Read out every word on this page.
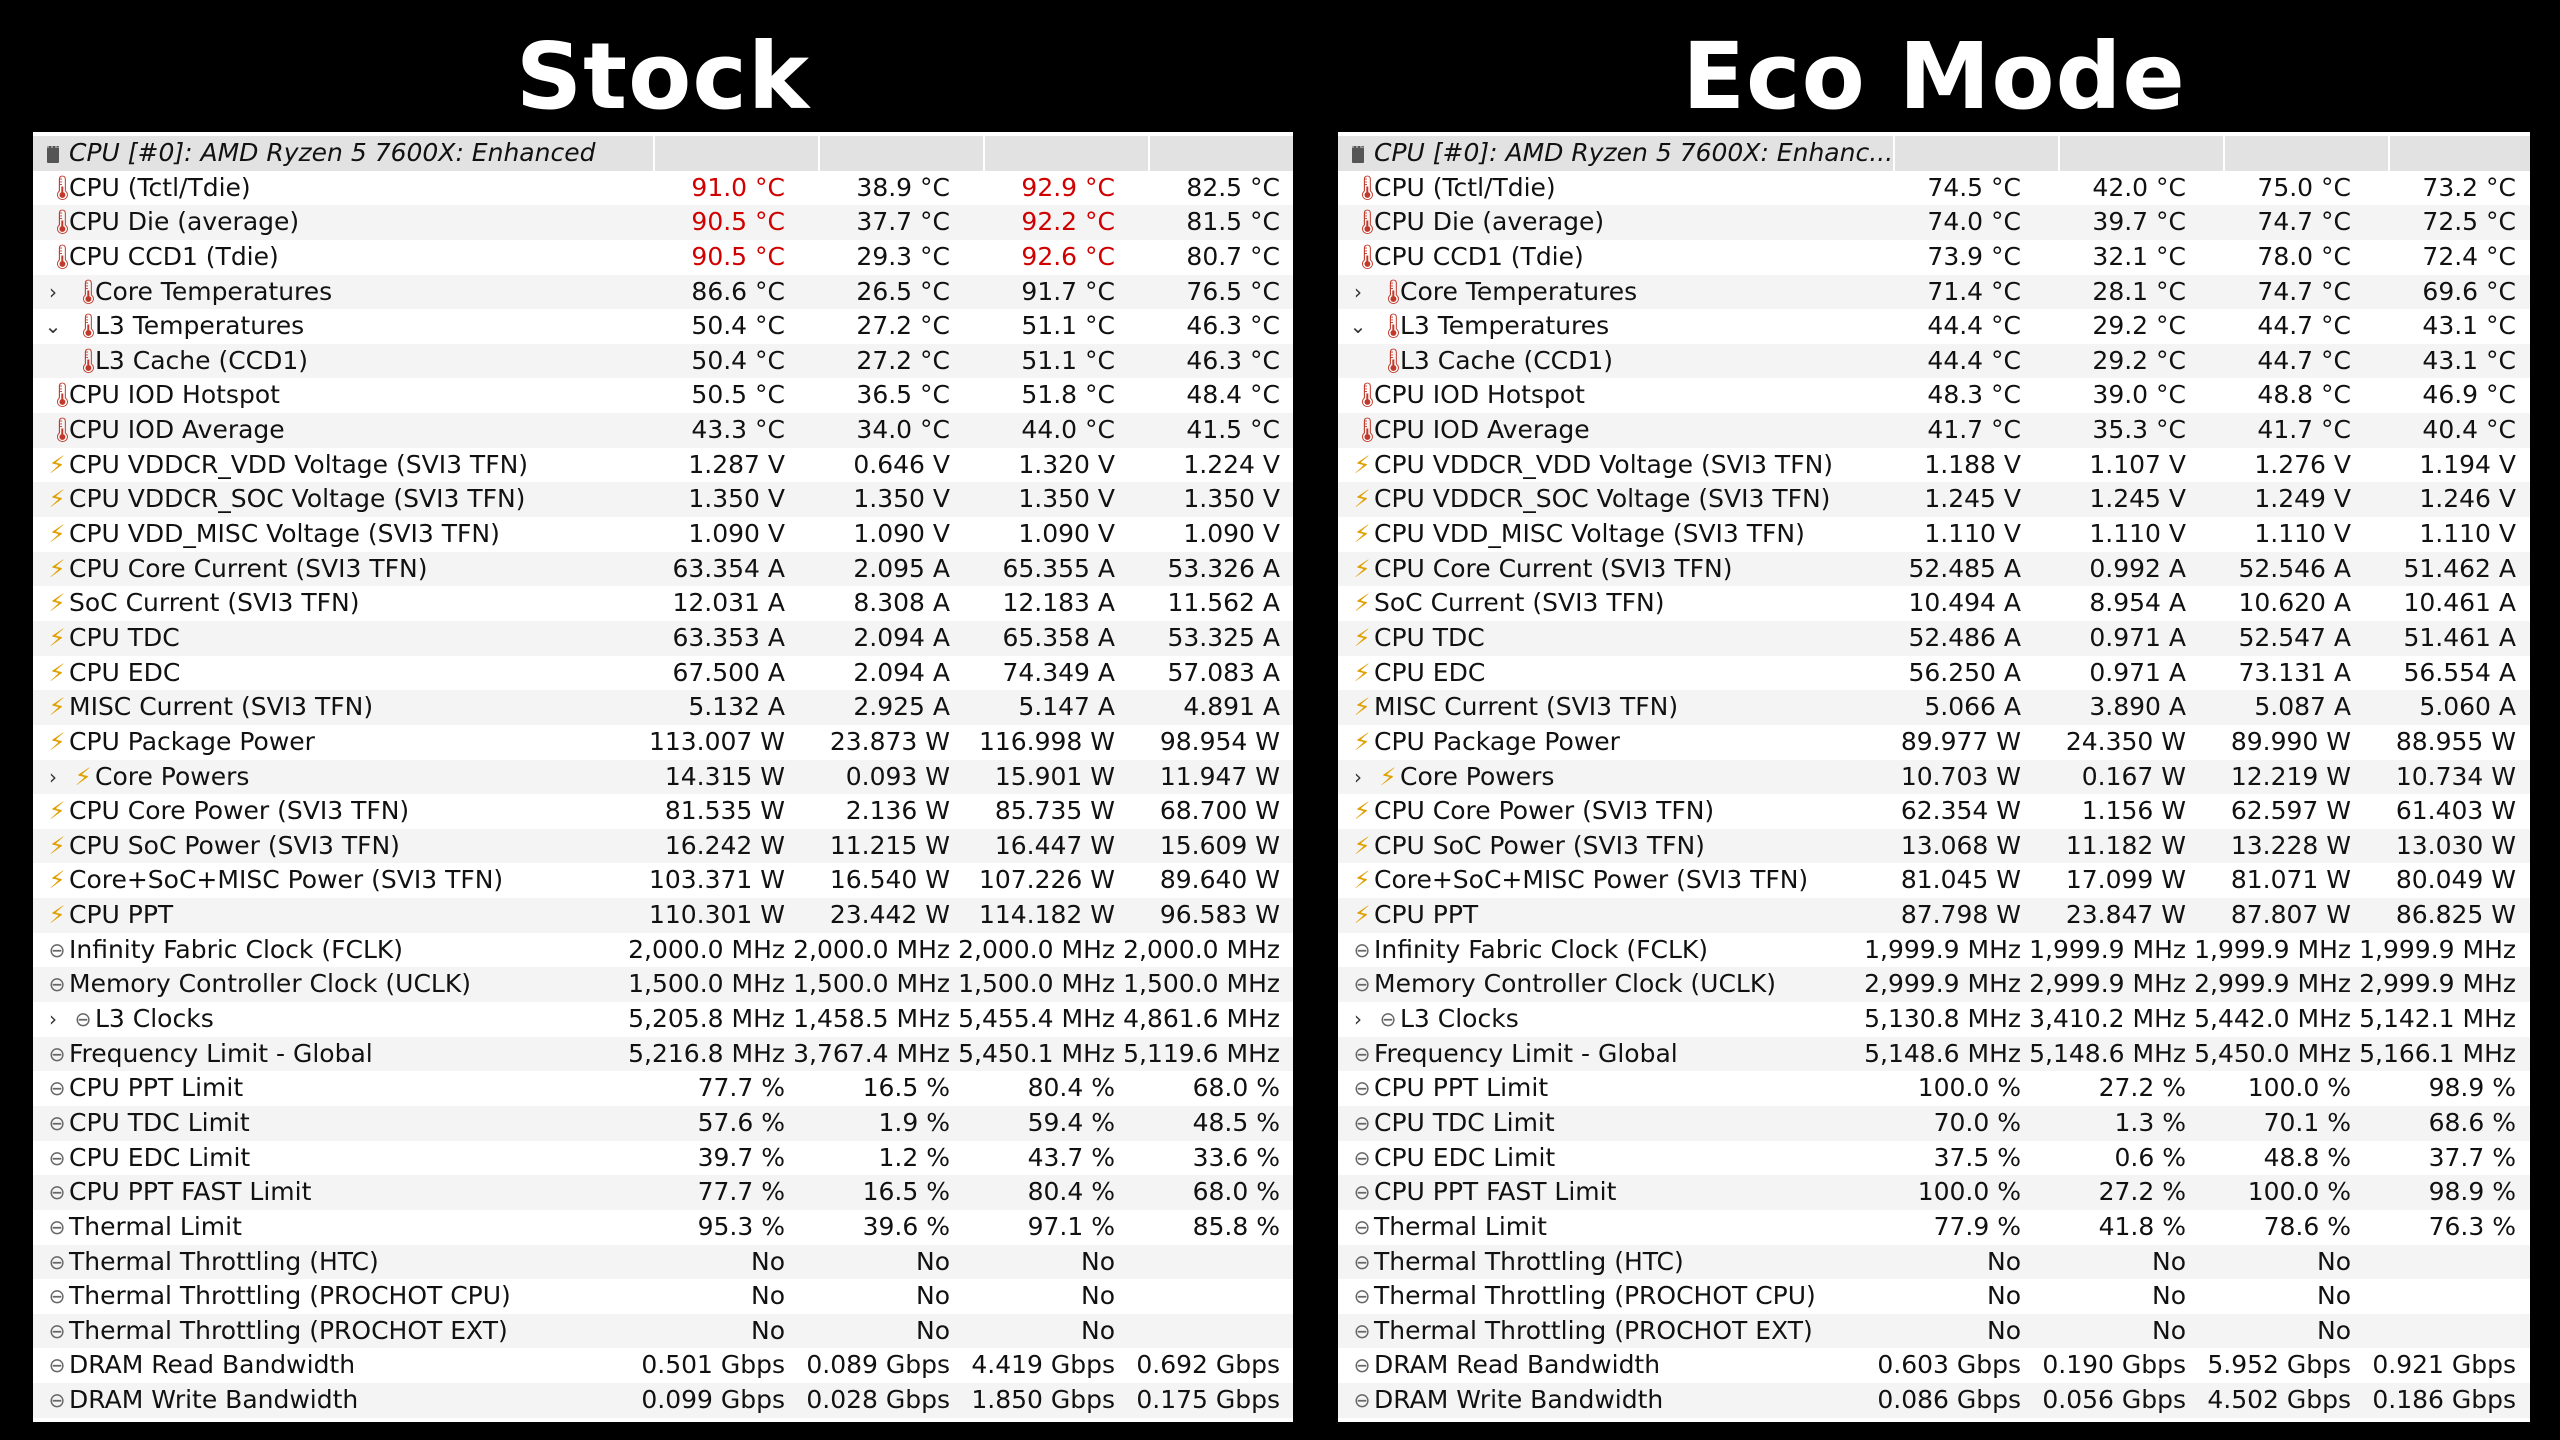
Stock	Eco Mode
CPU [#0]: AMD Ryzen 5 7600X: Enhanced
🌡
CPU (Tctl/Tdie)	91.0 °C	38.9 °C	92.9 °C	82.5 °C
🌡
CPU Die (average)	90.5 °C	37.7 °C	92.2 °C	81.5 °C
🌡
CPU CCD1 (Tdie)	90.5 °C	29.3 °C	92.6 °C	80.7 °C
› 🌡
Core Temperatures	86.6 °C	26.5 °C	91.7 °C	76.5 °C
⌄ 🌡
L3 Temperatures	50.4 °C	27.2 °C	51.1 °C	46.3 °C
🌡
L3 Cache (CCD1)	50.4 °C	27.2 °C	51.1 °C	46.3 °C
🌡
CPU IOD Hotspot	50.5 °C	36.5 °C	51.8 °C	48.4 °C
🌡
CPU IOD Average	43.3 °C	34.0 °C	44.0 °C	41.5 °C
⚡ CPU VDDCR_VDD Voltage (SVI3 TFN)	1.287 V	0.646 V	1.320 V	1.224 V
⚡ CPU VDDCR_SOC Voltage (SVI3 TFN)	1.350 V	1.350 V	1.350 V	1.350 V
⚡ CPU VDD_MISC Voltage (SVI3 TFN)	1.090 V	1.090 V	1.090 V	1.090 V
⚡ CPU Core Current (SVI3 TFN)	63.354 A	2.095 A	65.355 A	53.326 A
⚡ SoC Current (SVI3 TFN)	12.031 A	8.308 A	12.183 A	11.562 A
⚡ CPU TDC	63.353 A	2.094 A	65.358 A	53.325 A
⚡ CPU EDC	67.500 A	2.094 A	74.349 A	57.083 A
⚡ MISC Current (SVI3 TFN)	5.132 A	2.925 A	5.147 A	4.891 A
⚡ CPU Package Power	113.007 W	23.873 W	116.998 W	98.954 W
› ⚡ Core Powers	14.315 W	0.093 W	15.901 W	11.947 W
⚡ CPU Core Power (SVI3 TFN)	81.535 W	2.136 W	85.735 W	68.700 W
⚡ CPU SoC Power (SVI3 TFN)	16.242 W	11.215 W	16.447 W	15.609 W
⚡ Core+SoC+MISC Power (SVI3 TFN)	103.371 W	16.540 W	107.226 W	89.640 W
⚡ CPU PPT	110.301 W	23.442 W	114.182 W	96.583 W
⊖ Infinity Fabric Clock (FCLK)	2,000.0 MHz 2,000.0 MHz 2,000.0 MHz 2,000.0 MHz
⊖ Memory Controller Clock (UCLK)	1,500.0 MHz 1,500.0 MHz 1,500.0 MHz 1,500.0 MHz
› ⊖ L3 Clocks	5,205.8 MHz 1,458.5 MHz 5,455.4 MHz 4,861.6 MHz
⊖ Frequency Limit - Global	5,216.8 MHz 3,767.4 MHz 5,450.1 MHz 5,119.6 MHz
⊖ CPU PPT Limit	77.7 %	16.5 %	80.4 %	68.0 %
⊖ CPU TDC Limit	57.6 %	1.9 %	59.4 %	48.5 %
⊖ CPU EDC Limit	39.7 %	1.2 %	43.7 %	33.6 %
⊖ CPU PPT FAST Limit	77.7 %	16.5 %	80.4 %	68.0 %
⊖ Thermal Limit	95.3 %	39.6 %	97.1 %	85.8 %
⊖ Thermal Throttling (HTC)	No	No	No
⊖ Thermal Throttling (PROCHOT CPU)	No	No	No
⊖ Thermal Throttling (PROCHOT EXT)	No	No	No
⊖ DRAM Read Bandwidth	0.501 Gbps 0.089 Gbps 4.419 Gbps 0.692 Gbps
⊖ DRAM Write Bandwidth	0.099 Gbps 0.028 Gbps 1.850 Gbps 0.175 Gbps
CPU [#0]: AMD Ryzen 5 7600X: Enhanc...
🌡
CPU (Tctl/Tdie)	74.5 °C	42.0 °C	75.0 °C	73.2 °C
🌡
CPU Die (average)	74.0 °C	39.7 °C	74.7 °C	72.5 °C
🌡
CPU CCD1 (Tdie)	73.9 °C	32.1 °C	78.0 °C	72.4 °C
› 🌡
Core Temperatures	71.4 °C	28.1 °C	74.7 °C	69.6 °C
⌄ 🌡
L3 Temperatures	44.4 °C	29.2 °C	44.7 °C	43.1 °C
🌡
L3 Cache (CCD1)	44.4 °C	29.2 °C	44.7 °C	43.1 °C
🌡
CPU IOD Hotspot	48.3 °C	39.0 °C	48.8 °C	46.9 °C
🌡
CPU IOD Average	41.7 °C	35.3 °C	41.7 °C	40.4 °C
⚡ CPU VDDCR_VDD Voltage (SVI3 TFN)	1.188 V	1.107 V	1.276 V	1.194 V
⚡ CPU VDDCR_SOC Voltage (SVI3 TFN)	1.245 V	1.245 V	1.249 V	1.246 V
⚡ CPU VDD_MISC Voltage (SVI3 TFN)	1.110 V	1.110 V	1.110 V	1.110 V
⚡ CPU Core Current (SVI3 TFN)	52.485 A	0.992 A	52.546 A	51.462 A
⚡ SoC Current (SVI3 TFN)	10.494 A	8.954 A	10.620 A	10.461 A
⚡ CPU TDC	52.486 A	0.971 A	52.547 A	51.461 A
⚡ CPU EDC	56.250 A	0.971 A	73.131 A	56.554 A
⚡ MISC Current (SVI3 TFN)	5.066 A	3.890 A	5.087 A	5.060 A
⚡ CPU Package Power	89.977 W	24.350 W	89.990 W	88.955 W
› ⚡ Core Powers	10.703 W	0.167 W	12.219 W	10.734 W
⚡ CPU Core Power (SVI3 TFN)	62.354 W	1.156 W	62.597 W	61.403 W
⚡ CPU SoC Power (SVI3 TFN)	13.068 W	11.182 W	13.228 W	13.030 W
⚡ Core+SoC+MISC Power (SVI3 TFN)	81.045 W	17.099 W	81.071 W	80.049 W
⚡ CPU PPT	87.798 W	23.847 W	87.807 W	86.825 W
⊖ Infinity Fabric Clock (FCLK)	1,999.9 MHz 1,999.9 MHz 1,999.9 MHz 1,999.9 MHz
⊖ Memory Controller Clock (UCLK)	2,999.9 MHz 2,999.9 MHz 2,999.9 MHz 2,999.9 MHz
› ⊖ L3 Clocks	5,130.8 MHz 3,410.2 MHz 5,442.0 MHz 5,142.1 MHz
⊖ Frequency Limit - Global	5,148.6 MHz 5,148.6 MHz 5,450.0 MHz 5,166.1 MHz
⊖ CPU PPT Limit	100.0 %	27.2 %	100.0 %	98.9 %
⊖ CPU TDC Limit	70.0 %	1.3 %	70.1 %	68.6 %
⊖ CPU EDC Limit	37.5 %	0.6 %	48.8 %	37.7 %
⊖ CPU PPT FAST Limit	100.0 %	27.2 %	100.0 %	98.9 %
⊖ Thermal Limit	77.9 %	41.8 %	78.6 %	76.3 %
⊖ Thermal Throttling (HTC)	No	No	No
⊖ Thermal Throttling (PROCHOT CPU)	No	No	No
⊖ Thermal Throttling (PROCHOT EXT)	No	No	No
⊖ DRAM Read Bandwidth	0.603 Gbps 0.190 Gbps 5.952 Gbps 0.921 Gbps
⊖ DRAM Write Bandwidth	0.086 Gbps 0.056 Gbps 4.502 Gbps 0.186 Gbps
